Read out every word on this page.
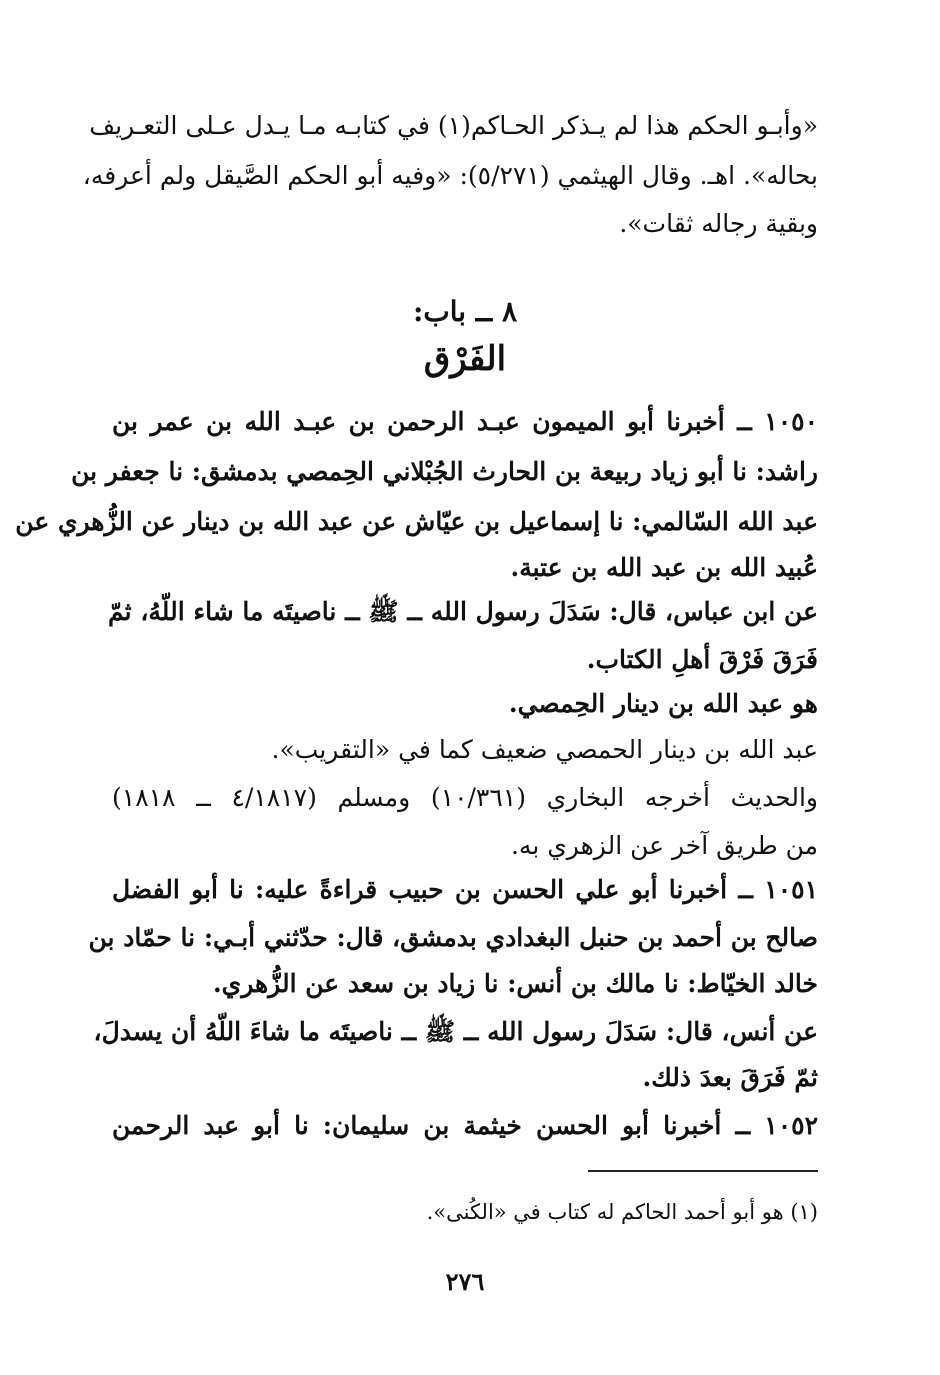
«وأبـو الحكم هذا لم يـذكر الحـاكم(١) في كتابـه مـا يـدل عـلى التعـريف
بحاله». اهـ. وقال الهيثمي (٥/٢٧١): «وفيه أبو الحكم الصَّيقل ولم أعرفه،
وبقية رجاله ثقات».
٨ ــ باب:
الفَرْق
١٠٥٠ ــ أخبرنا أبو الميمون عبـد الرحمن بن عبـد الله بن عمر بن
راشد: نا أبو زياد ربيعة بن الحارث الجُبْلاني الحِمصي بدمشق: نا جعفر بن
عبد الله السّالمي: نا إسماعيل بن عيّاش عن عبد الله بن دينار عن الزُّهري عن
عُبيد الله بن عبد الله بن عتبة.
عن ابن عباس، قال: سَدَلَ رسول الله ــ ﷺ ــ ناصيتَه ما شاء اللّهُ، ثمّ
فَرَقَ فَرْقَ أهلِ الكتاب.
هو عبد الله بن دينار الحِمصي.
عبد الله بن دينار الحمصي ضعيف كما في «التقريب».
والحديث أخرجه البخاري (١٠/٣٦١) ومسلم (٤/١٨١٧ ــ ١٨١٨)
من طريق آخر عن الزهري به.
١٠٥١ ــ أخبرنا أبو علي الحسن بن حبيب قراءةً عليه: نا أبو الفضل
صالح بن أحمد بن حنبل البغدادي بدمشق، قال: حدّثني أبـي: نا حمّاد بن
خالد الخيّاط: نا مالك بن أنس: نا زياد بن سعد عن الزُّهري.
عن أنس، قال: سَدَلَ رسول الله ــ ﷺ ــ ناصيتَه ما شاءَ اللّهُ أن يسدلَ،
ثمّ فَرَقَ بعدَ ذلك.
١٠٥٢ ــ أخبرنا أبو الحسن خيثمة بن سليمان: نا أبو عبد الرحمن
(١) هو أبو أحمد الحاكم له كتاب في «الكُنى».
٢٧٦
